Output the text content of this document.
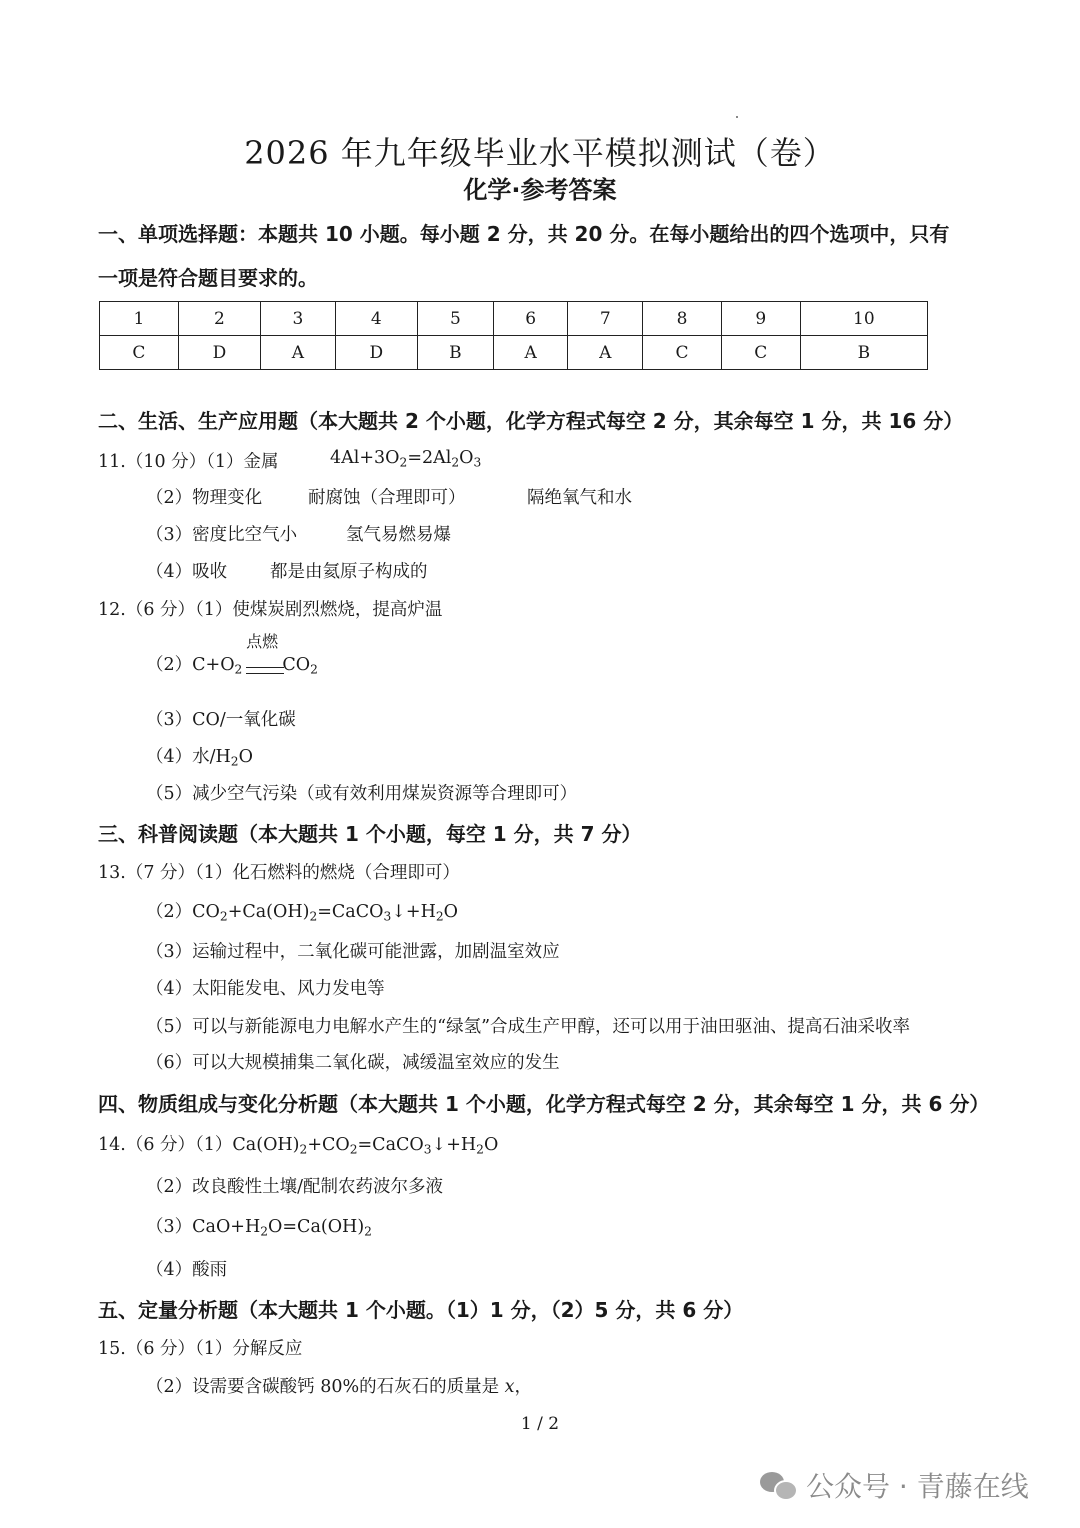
2026 年九年级毕业水平模拟测试（卷）
化学·参考答案
一、单项选择题：本题共 10 小题。每小题 2 分，共 20 分。在每小题给出的四个选项中，只有
一项是符合题目要求的。
1	2	3	4	5	6	7	8	9	10
C	D	A	D	B	A	A	C	C	B
二、生活、生产应用题（本大题共 2 个小题，化学方程式每空 2 分，其余每空 1 分，共 16 分）
11.（10 分）（1）金属	$4Al+3O_2=2Al_2O_3$
（2）物理变化	耐腐蚀（合理即可）	隔绝氧气和水
（3）密度比空气小	氢气易燃易爆
（4）吸收 都是由氦原子构成的
12.（6 分）（1）使煤炭剧烈燃烧，提高炉温
$(2)C+O_2$ $CO_2$
点燃
（3）CO/一氧化碳
（4）水$/H_2O$
（5）减少空气污染（或有效利用煤炭资源等合理即可）
三、科普阅读题（本大题共 1 个小题，每空 1 分，共 7 分）
13.（7 分）（1）化石燃料的燃烧（合理即可）
$(2)CO_2+Ca(OH)_2=CaCO_3↓+H_2O$
（3）运输过程中，二氧化碳可能泄露，加剧温室效应
（4）太阳能发电、风力发电等
（5）可以与新能源电力电解水产生的“绿氢”合成生产甲醇，还可以用于油田驱油、提高石油采收率
（6）可以大规模捕集二氧化碳，减缓温室效应的发生
四、物质组成与变化分析题（本大题共 1 个小题，化学方程式每空 2 分，其余每空 1 分，共 6 分）
14.（6 分）$(1)Ca(OH)_2+CO_2=CaCO_3↓+H_2O$
（2）改良酸性土壤/配制农药波尔多液
$(3)CaO+H_2O=Ca(OH)_2$
（4）酸雨
五、定量分析题（本大题共 1 个小题。（1）1 分，（2）5 分，共 6 分）
15.（6 分）（1）分解反应
（2）设需要含碳酸钙 80%的石灰石的质量是 x，
1 / 2
公众号 · 青藤在线
